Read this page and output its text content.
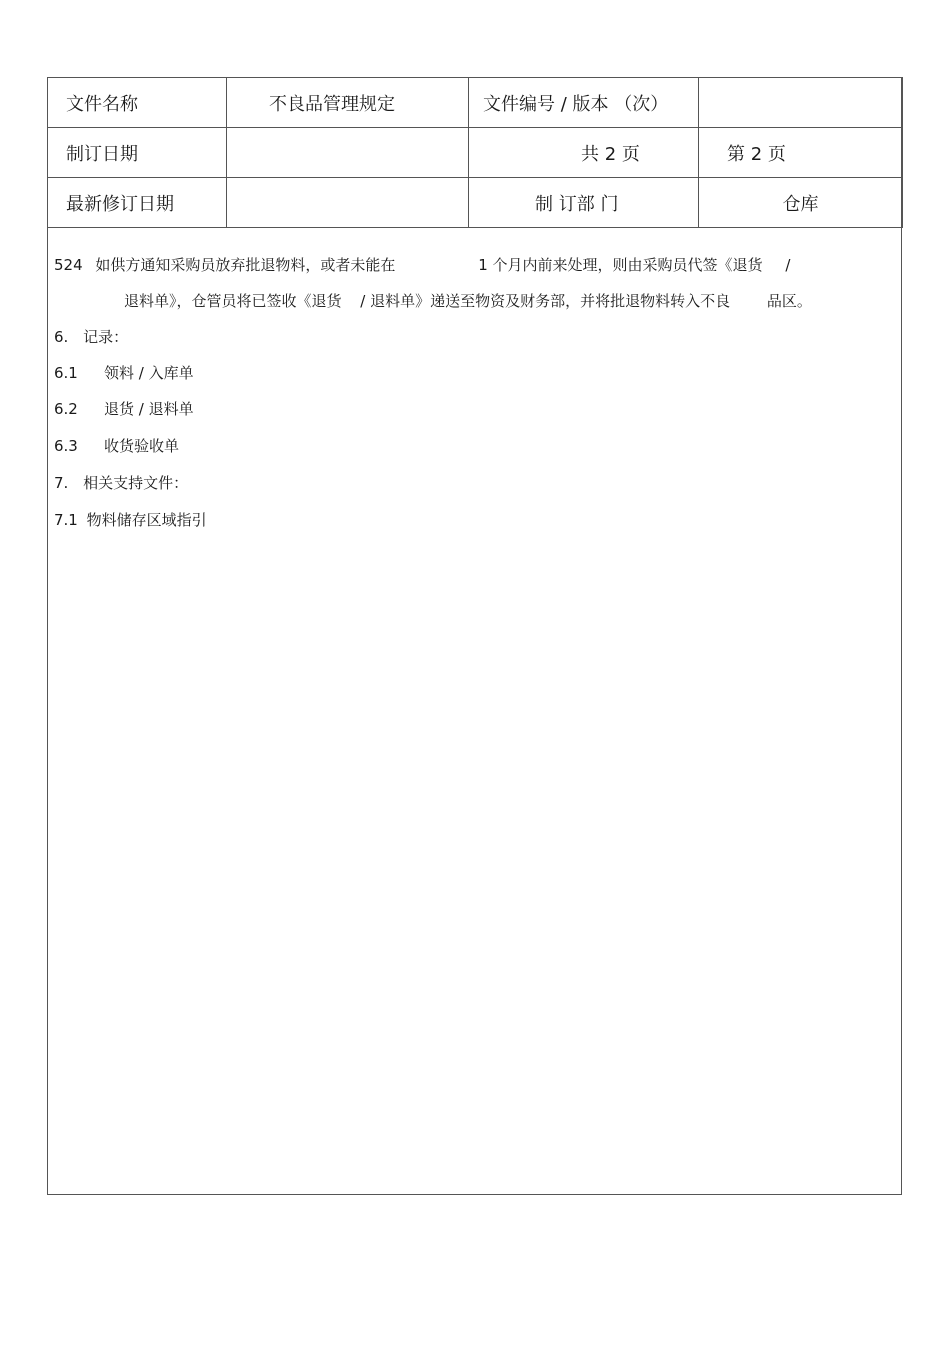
文件名称	不良品管理规定	文件编号 / 版本 （次）	
制订日期		共 2 页	第 2 页
最新修订日期		制 订部 门	仓库
524 如供方通知采购员放弃批退物料，或者未能在	1 个月内前来处理，则由采购员代签《退货 /
退料单》，仓管员将已签收《退货 / 退料单》递送至物资及财务部，并将批退物料转入不良 品区。
6. 记录：
6.1 领料 / 入库单
6.2 退货 / 退料单
6.3 收货验收单
7. 相关支持文件：
7.1 物料储存区域指引
